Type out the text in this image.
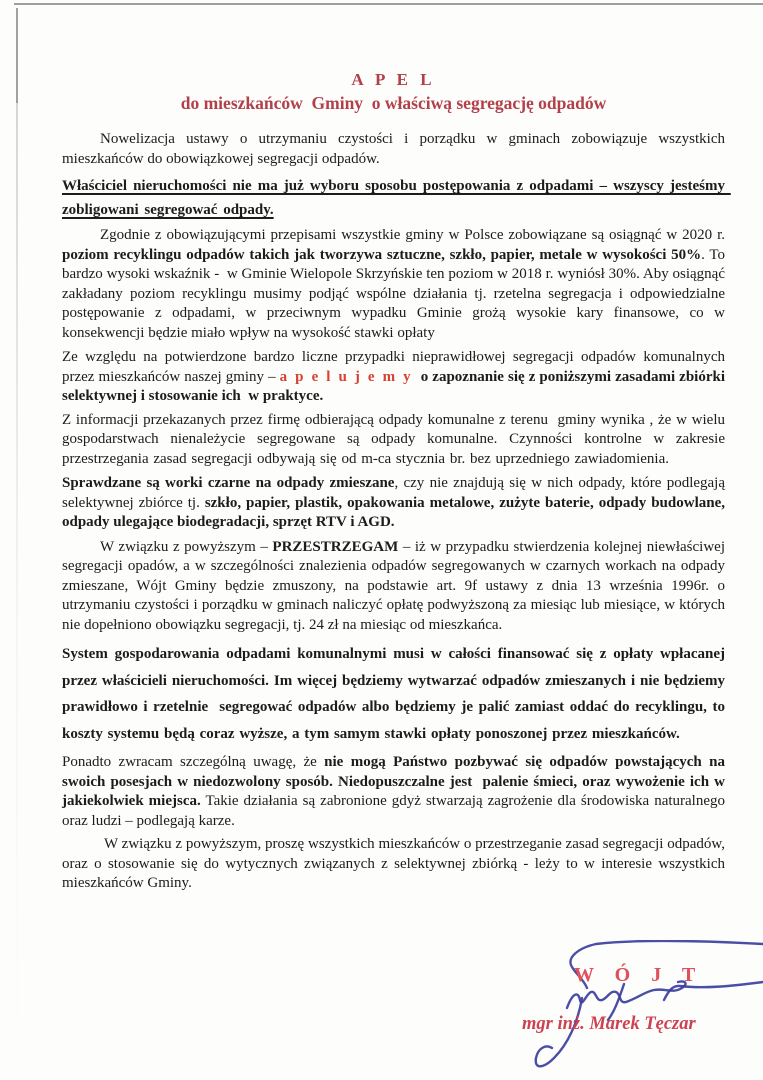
A P E L
do mieszkańców  Gminy  o właściwą segregację odpadów

Nowelizacja ustawy o utrzymaniu czystości i porządku w gminach zobowiązuje wszystkich mieszkańców do obowiązkowej segregacji odpadów.

Właściciel nieruchomości nie ma już wyboru sposobu postępowania z odpadami – wszyscy jesteśmy zobligowani segregować odpady.

Zgodnie z obowiązującymi przepisami wszystkie gminy w Polsce zobowiązane są osiągnąć w 2020 r. poziom recyklingu odpadów takich jak tworzywa sztuczne, szkło, papier, metale w wysokości 50%. To bardzo wysoki wskaźnik -  w Gminie Wielopole Skrzyńskie ten poziom w 2018 r. wyniósł 30%. Aby osiągnąć zakładany poziom recyklingu musimy podjąć wspólne działania tj. rzetelna segregacja i odpowiedzialne postępowanie z odpadami, w przeciwnym wypadku Gminie grożą wysokie kary finansowe, co w konsekwencji będzie miało wpływ na wysokość stawki opłaty

Ze względu na potwierdzone bardzo liczne przypadki nieprawidłowej segregacji odpadów komunalnych przez mieszkańców naszej gminy – a p e l u j e m y  o zapoznanie się z poniższymi zasadami zbiórki selektywnej i stosowanie ich  w praktyce.

Z informacji przekazanych przez firmę odbierającą odpady komunalne z terenu  gminy wynika , że w wielu gospodarstwach nienależycie segregowane są odpady komunalne. Czynności kontrolne w zakresie przestrzegania zasad segregacji odbywają się od m-ca stycznia br. bez uprzedniego zawiadomienia.

Sprawdzane są worki czarne na odpady zmieszane, czy nie znajdują się w nich odpady, które podlegają selektywnej zbiórce tj. szkło, papier, plastik, opakowania metalowe, zużyte baterie, odpady budowlane, odpady ulegające biodegradacji, sprzęt RTV i AGD.

W związku z powyższym – PRZESTRZEGAM – iż w przypadku stwierdzenia kolejnej niewłaściwej segregacji opadów, a w szczególności znalezienia odpadów segregowanych w czarnych workach na odpady zmieszane, Wójt Gminy będzie zmuszony, na podstawie art. 9f ustawy z dnia 13 września 1996r. o utrzymaniu czystości i porządku w gminach naliczyć opłatę podwyższoną za miesiąc lub miesiące, w których nie dopełniono obowiązku segregacji, tj. 24 zł na miesiąc od mieszkańca.

System gospodarowania odpadami komunalnymi musi w całości finansować się z opłaty wpłacanej przez właścicieli nieruchomości. Im więcej będziemy wytwarzać odpadów zmieszanych i nie będziemy prawidłowo i rzetelnie  segregować odpadów albo będziemy je palić zamiast oddać do recyklingu, to koszty systemu będą coraz wyższe, a tym samym stawki opłaty ponoszonej przez mieszkańców.

Ponadto zwracam szczególną uwagę, że nie mogą Państwo pozbywać się odpadów powstających na swoich posesjach w niedozwolony sposób. Niedopuszczalne jest  palenie śmieci, oraz wywożenie ich w jakiekolwiek miejsca. Takie działania są zabronione gdyż stwarzają zagrożenie dla środowiska naturalnego oraz ludzi – podlegają karze.

W związku z powyższym, proszę wszystkich mieszkańców o przestrzeganie zasad segregacji odpadów, oraz o stosowanie się do wytycznych związanych z selektywnej zbiórką - leży to w interesie wszystkich mieszkańców Gminy.

W Ó J T
mgr inż. Marek Tęczar
